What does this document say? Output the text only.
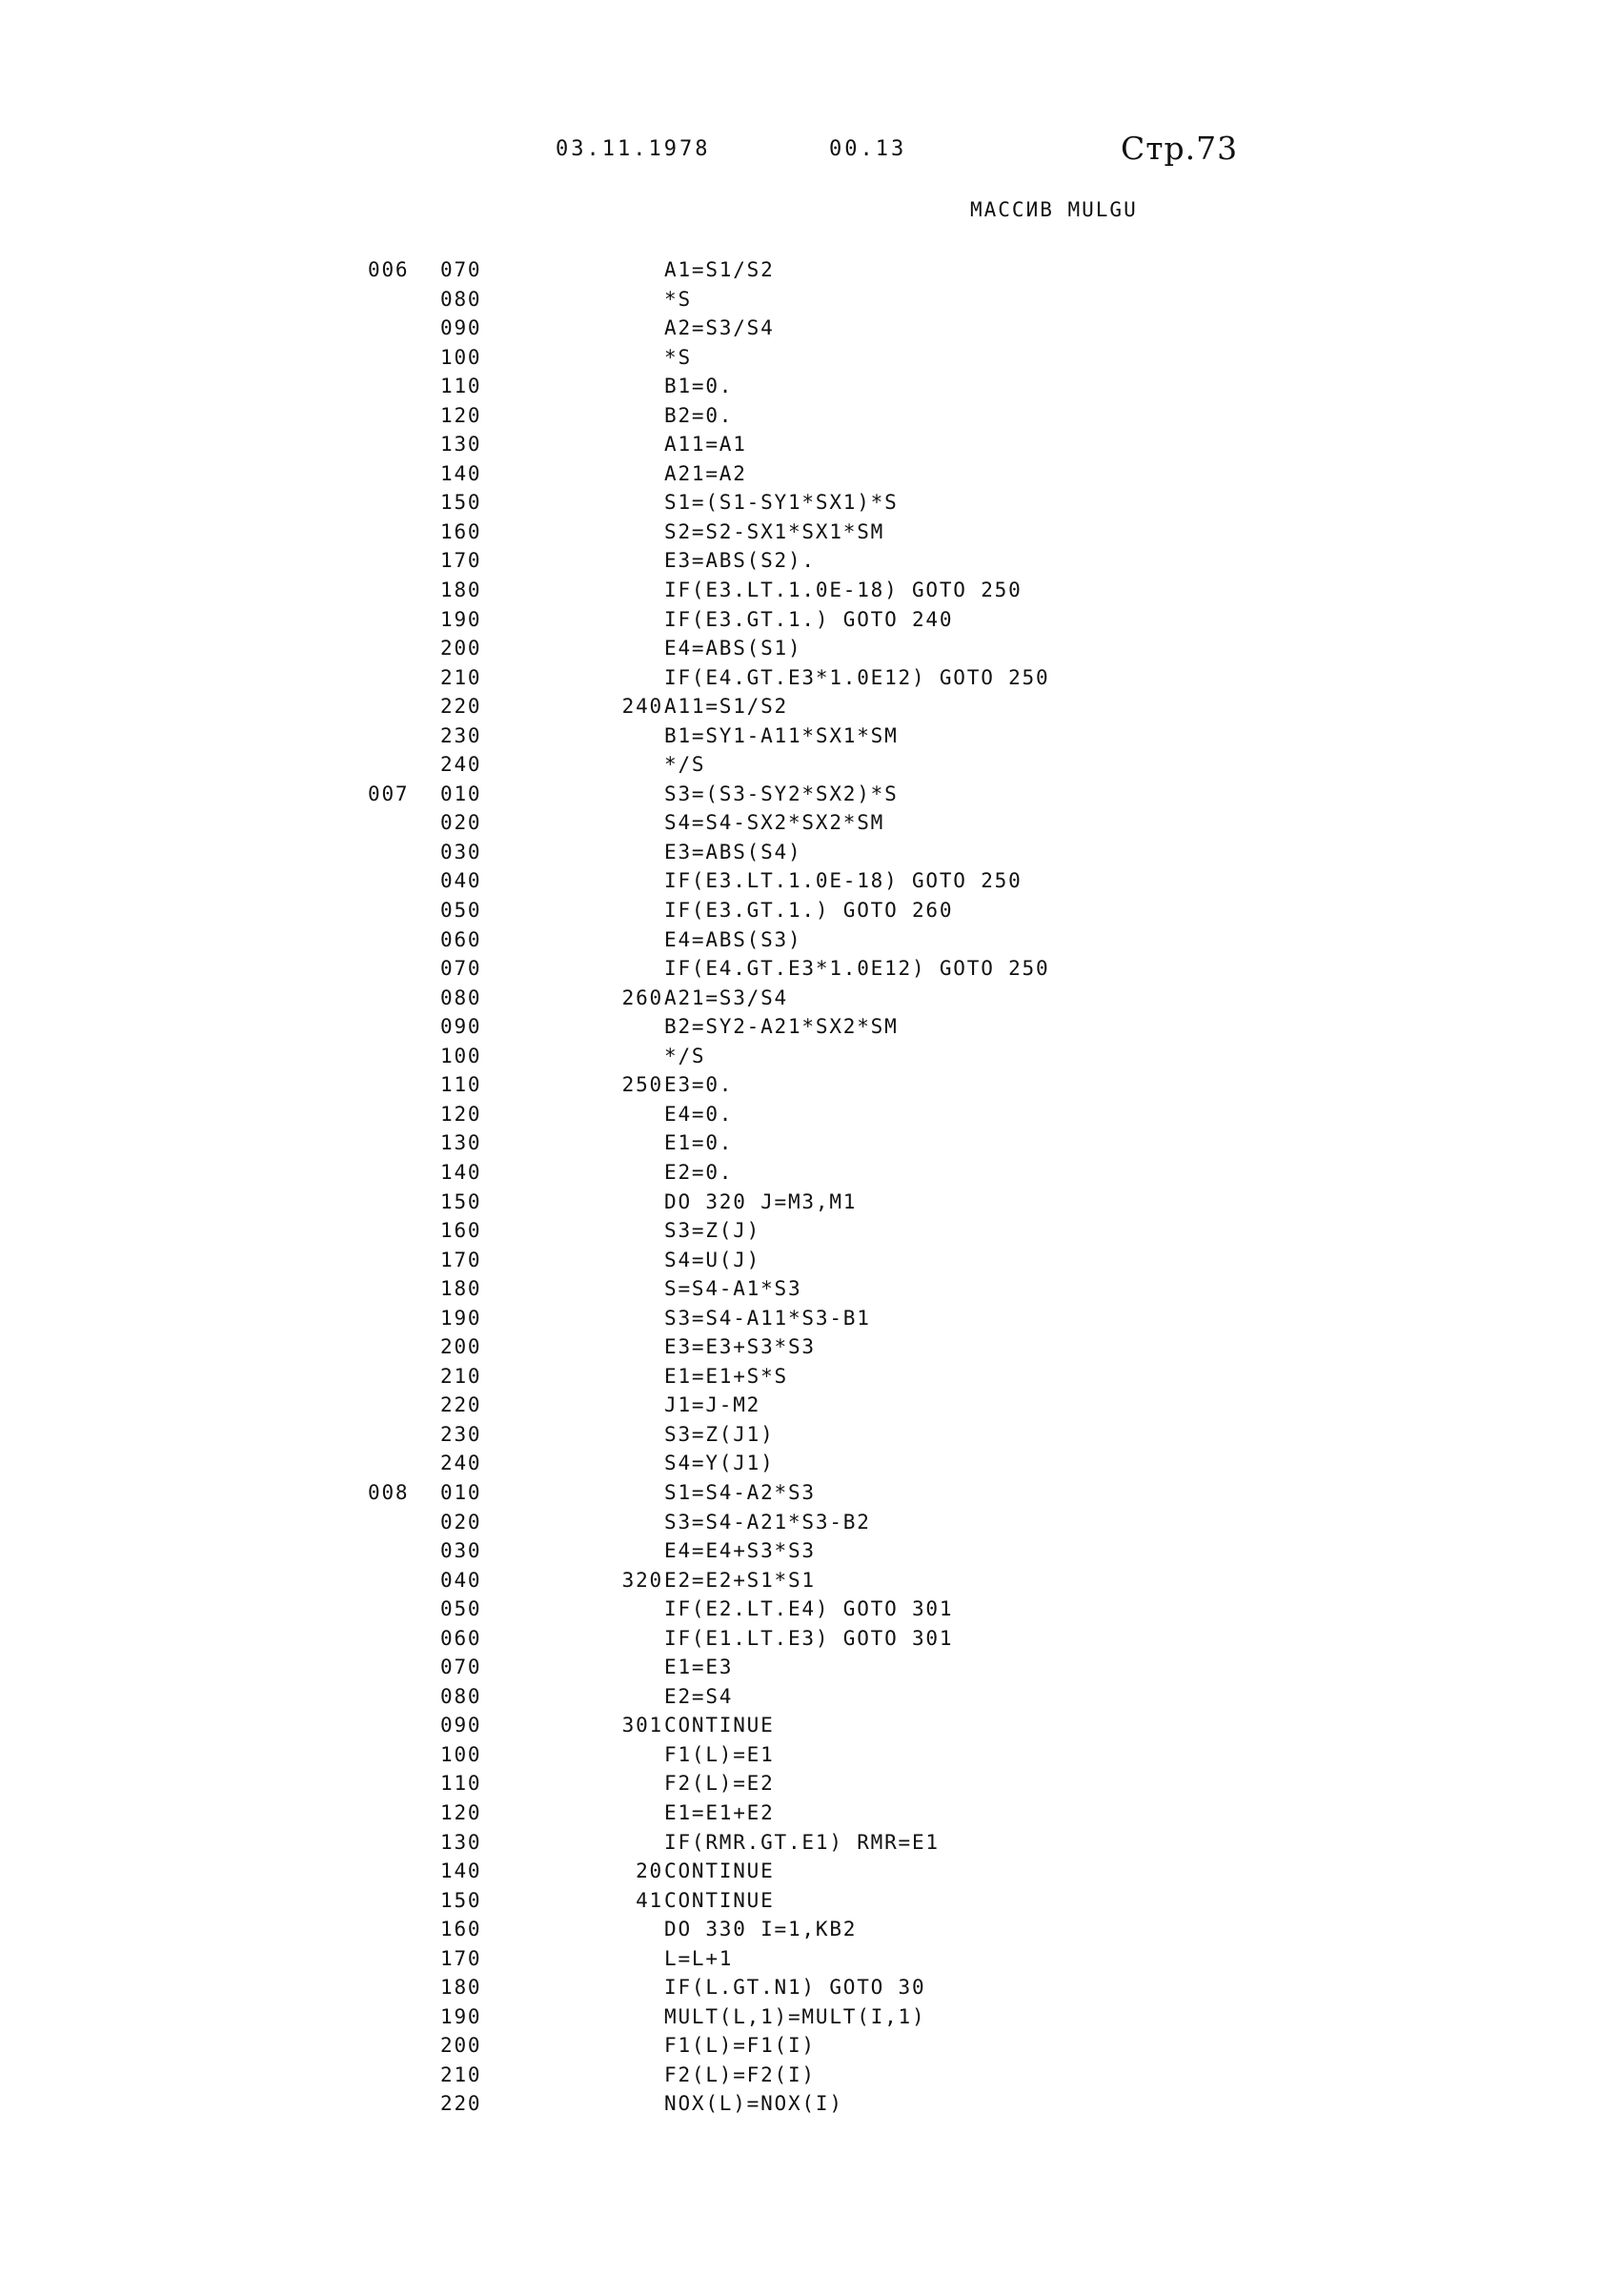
03.11.1978	00.13	Стр.73
МАССИВ MULGU
006 070	A1=S1/S2
080	*S
090	A2=S3/S4
100	*S
110	B1=0.
120	B2=0.
130	A11=A1
140	A21=A2
150	S1=(S1-SY1*SX1)*S
160	S2=S2-SX1*SX1*SM
170	E3=ABS(S2).
180	IF(E3.LT.1.0E-18) GOTO 250
190	IF(E3.GT.1.) GOTO 240
200	E4=ABS(S1)
210	IF(E4.GT.E3*1.0E12) GOTO 250
220	240 A11=S1/S2
230	B1=SY1-A11*SX1*SM
240	*/S
007 010	S3=(S3-SY2*SX2)*S
020	S4=S4-SX2*SX2*SM
030	E3=ABS(S4)
040	IF(E3.LT.1.0E-18) GOTO 250
050	IF(E3.GT.1.) GOTO 260
060	E4=ABS(S3)
070	IF(E4.GT.E3*1.0E12) GOTO 250
080	260 A21=S3/S4
090	B2=SY2-A21*SX2*SM
100	*/S
110	250 E3=0.
120	E4=0.
130	E1=0.
140	E2=0.
150	DO 320 J=M3,M1
160	S3=Z(J)
170	S4=U(J)
180	S=S4-A1*S3
190	S3=S4-A11*S3-B1
200	E3=E3+S3*S3
210	E1=E1+S*S
220	J1=J-M2
230	S3=Z(J1)
240	S4=Y(J1)
008 010	S1=S4-A2*S3
020	S3=S4-A21*S3-B2
030	E4=E4+S3*S3
040	320 E2=E2+S1*S1
050	IF(E2.LT.E4) GOTO 301
060	IF(E1.LT.E3) GOTO 301
070	E1=E3
080	E2=S4
090	301 CONTINUE
100	F1(L)=E1
110	F2(L)=E2
120	E1=E1+E2
130	IF(RMR.GT.E1) RMR=E1
140	20 CONTINUE
150	41 CONTINUE
160	DO 330 I=1,KB2
170	L=L+1
180	IF(L.GT.N1) GOTO 30
190	MULT(L,1)=MULT(I,1)
200	F1(L)=F1(I)
210	F2(L)=F2(I)
220	NOX(L)=NOX(I)
